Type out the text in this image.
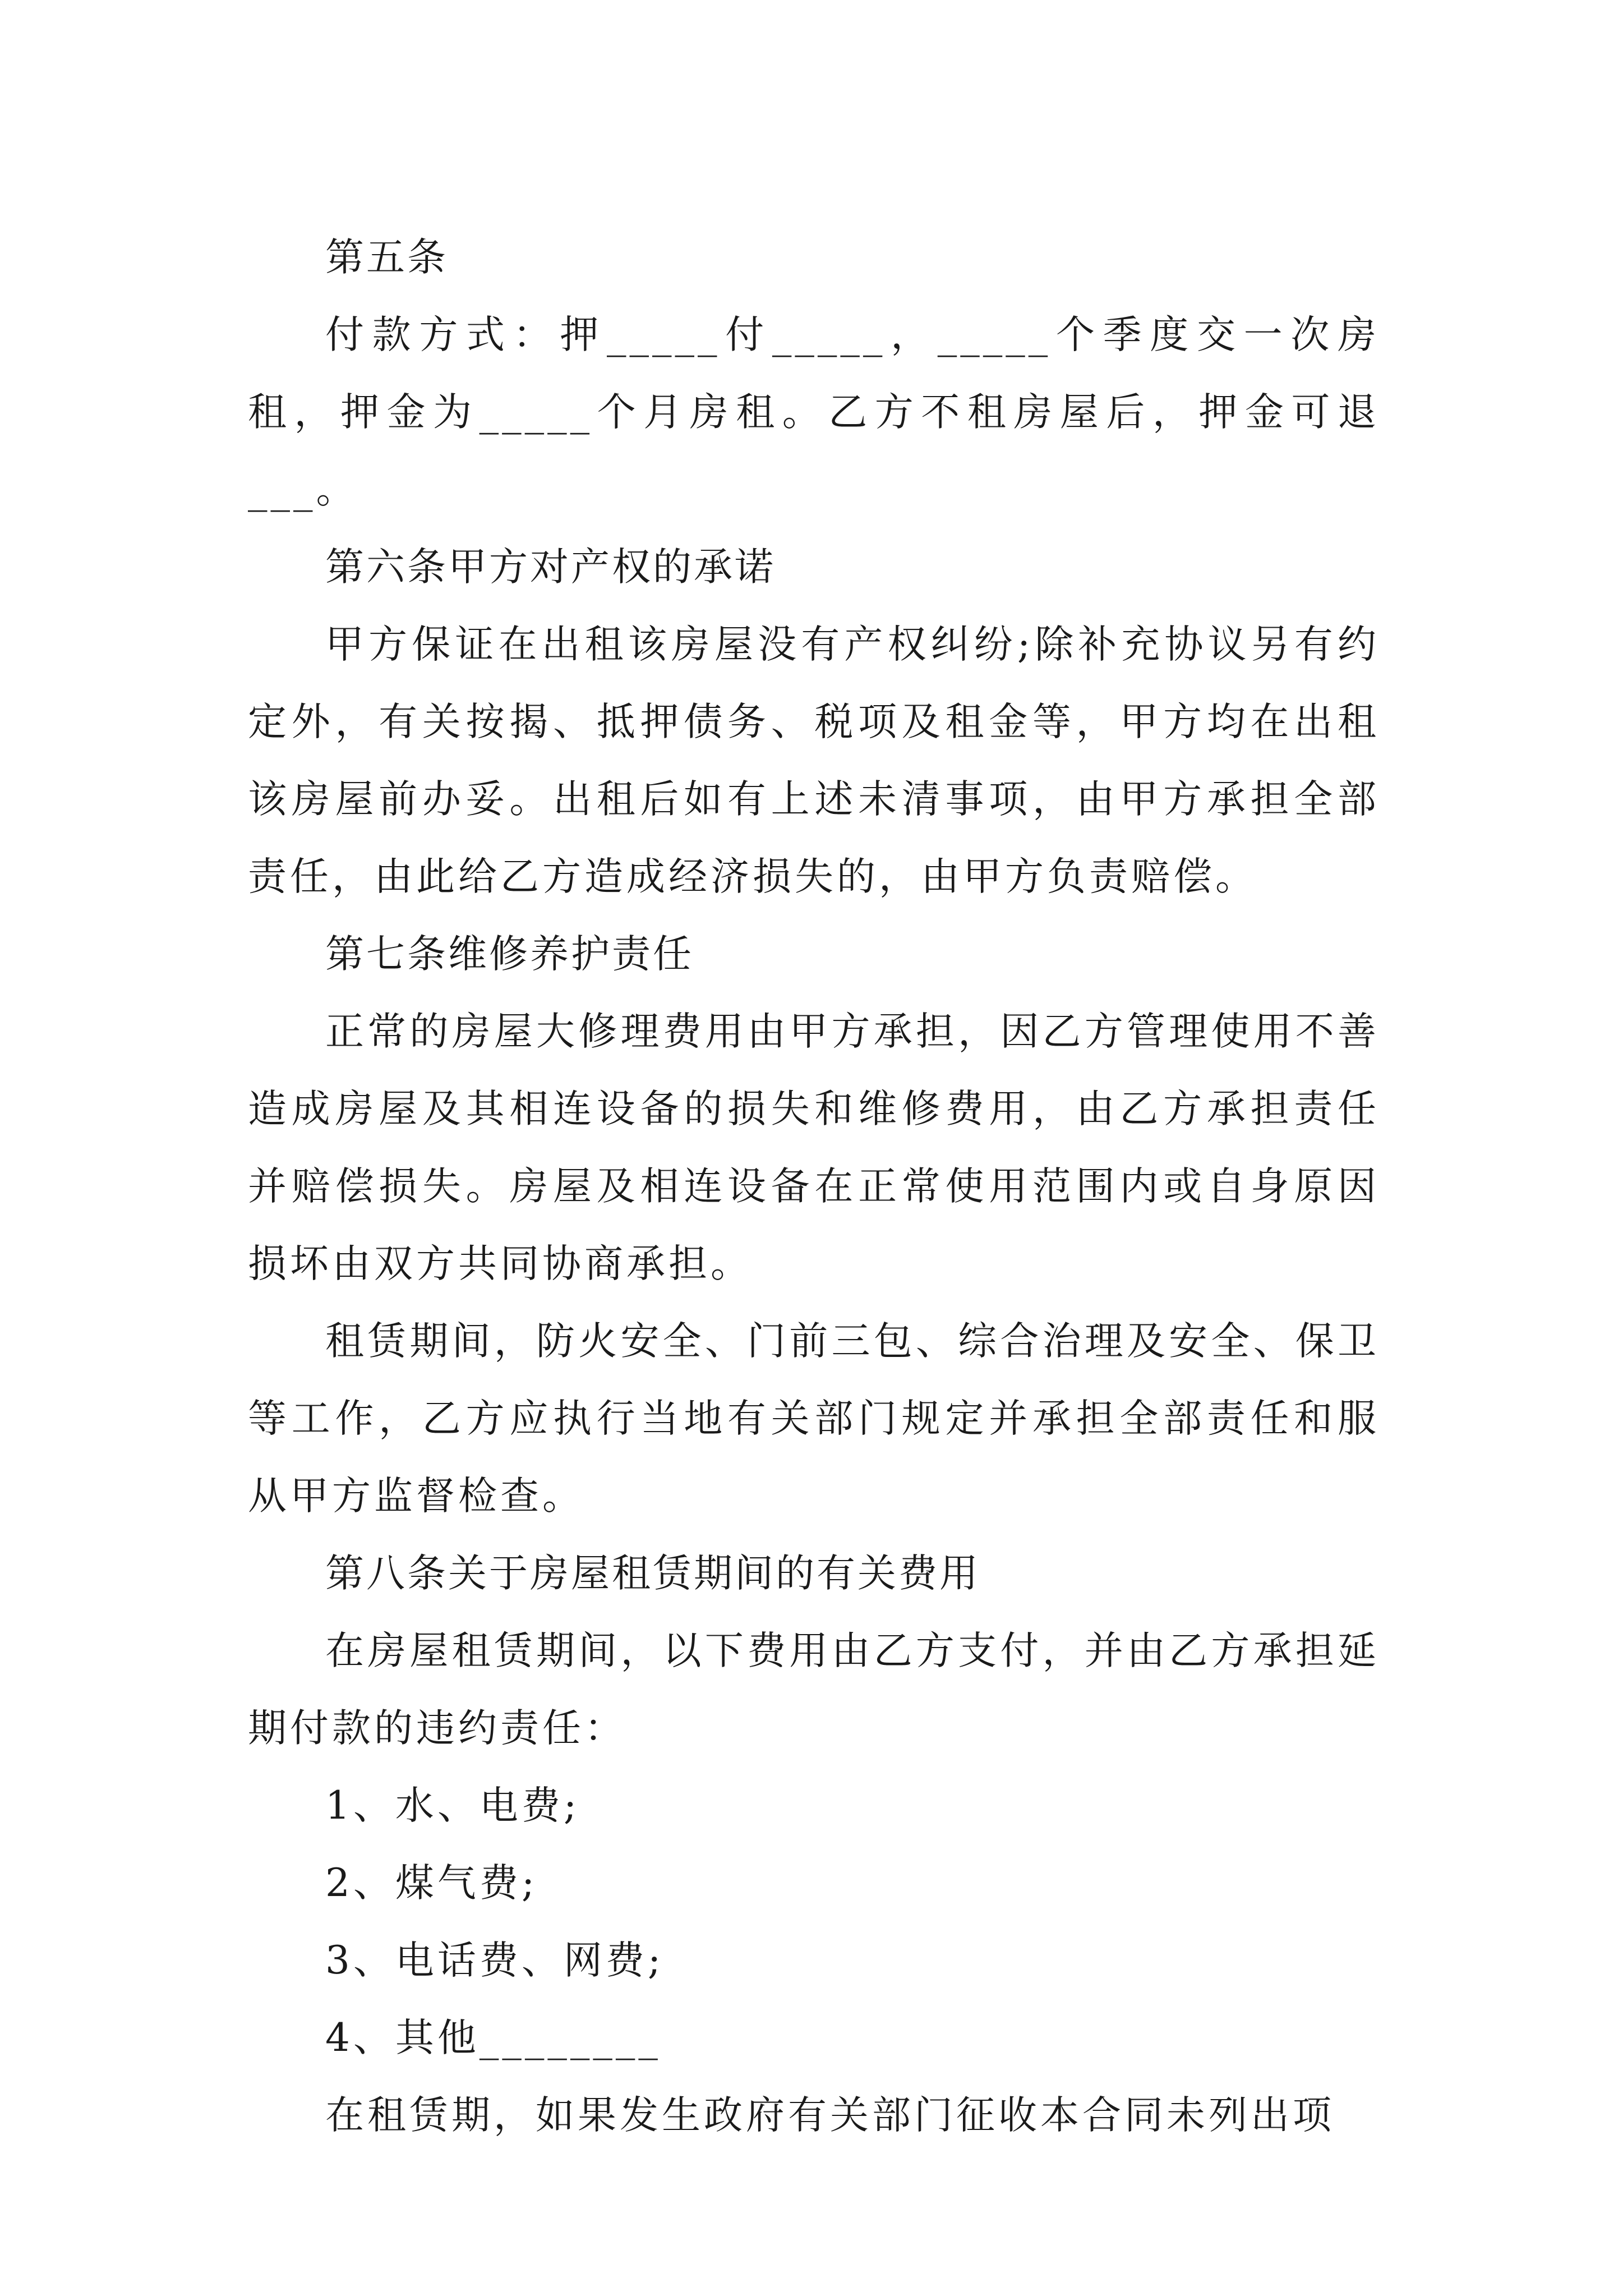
第五条

付款方式：押_____付_____，_____个季度交一次房租，押金为_____个月房租。乙方不租房屋后，押金可退___。

第六条甲方对产权的承诺

甲方保证在出租该房屋没有产权纠纷;除补充协议另有约定外，有关按揭、抵押债务、税项及租金等，甲方均在出租该房屋前办妥。出租后如有上述未清事项，由甲方承担全部责任，由此给乙方造成经济损失的，由甲方负责赔偿。

第七条维修养护责任

正常的房屋大修理费用由甲方承担，因乙方管理使用不善造成房屋及其相连设备的损失和维修费用，由乙方承担责任并赔偿损失。房屋及相连设备在正常使用范围内或自身原因损坏由双方共同协商承担。

租赁期间，防火安全、门前三包、综合治理及安全、保卫等工作，乙方应执行当地有关部门规定并承担全部责任和服从甲方监督检查。

第八条关于房屋租赁期间的有关费用

在房屋租赁期间，以下费用由乙方支付，并由乙方承担延期付款的违约责任：

1、水、电费;

2、煤气费;

3、电话费、网费;

4、其他________

在租赁期，如果发生政府有关部门征收本合同未列出项
